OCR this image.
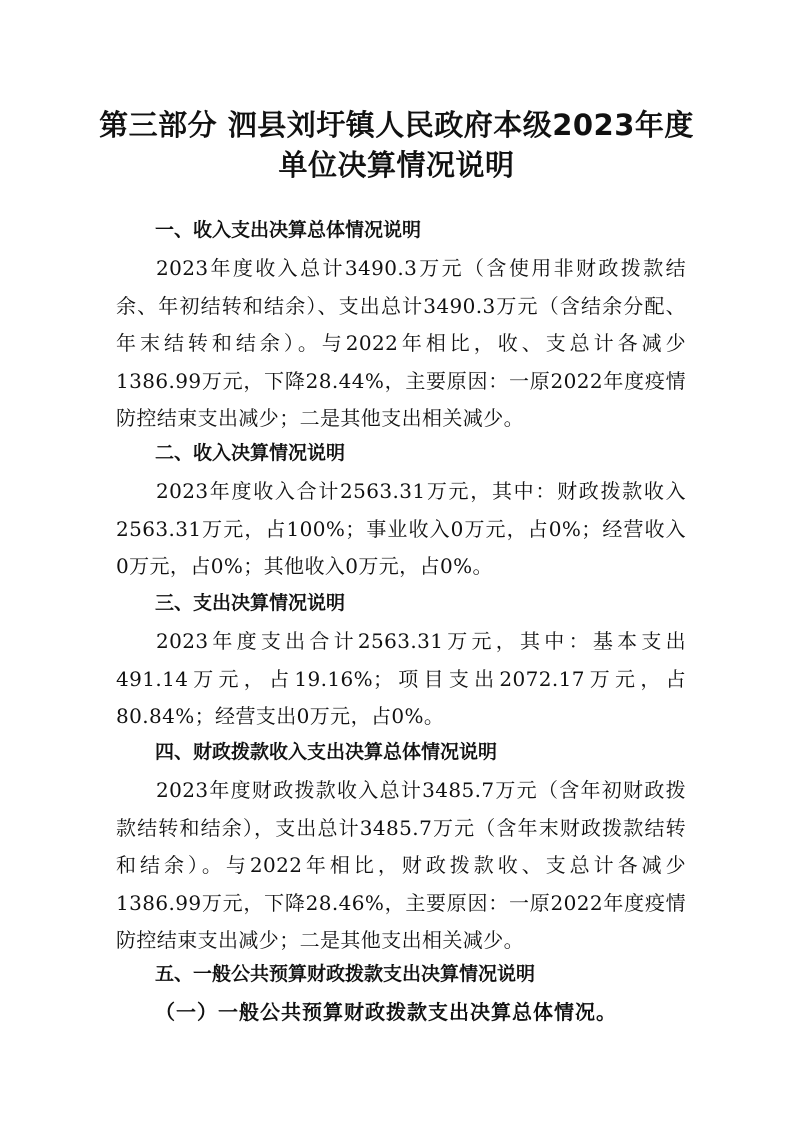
第三部分 泗县刘圩镇人民政府本级2023年度
单位决算情况说明
一、收入支出决算总体情况说明
2023年度收入总计3490.3万元（含使用非财政拨款结余、年初结转和结余）、支出总计3490.3万元（含结余分配、年末结转和结余）。与2022年相比，收、支总计各减少1386.99万元，下降28.44%，主要原因：一原2022年度疫情防控结束支出减少；二是其他支出相关减少。
二、收入决算情况说明
2023年度收入合计2563.31万元，其中：财政拨款收入2563.31万元，占100%；事业收入0万元，占0%；经营收入0万元，占0%；其他收入0万元，占0%。
三、支出决算情况说明
2023年度支出合计2563.31万元，其中：基本支出491.14万元，占19.16%；项目支出2072.17万元，占80.84%；经营支出0万元，占0%。
四、财政拨款收入支出决算总体情况说明
2023年度财政拨款收入总计3485.7万元（含年初财政拨款结转和结余），支出总计3485.7万元（含年末财政拨款结转和结余）。与2022年相比，财政拨款收、支总计各减少1386.99万元，下降28.46%，主要原因：一原2022年度疫情防控结束支出减少；二是其他支出相关减少。
五、一般公共预算财政拨款支出决算情况说明
（一）一般公共预算财政拨款支出决算总体情况。
